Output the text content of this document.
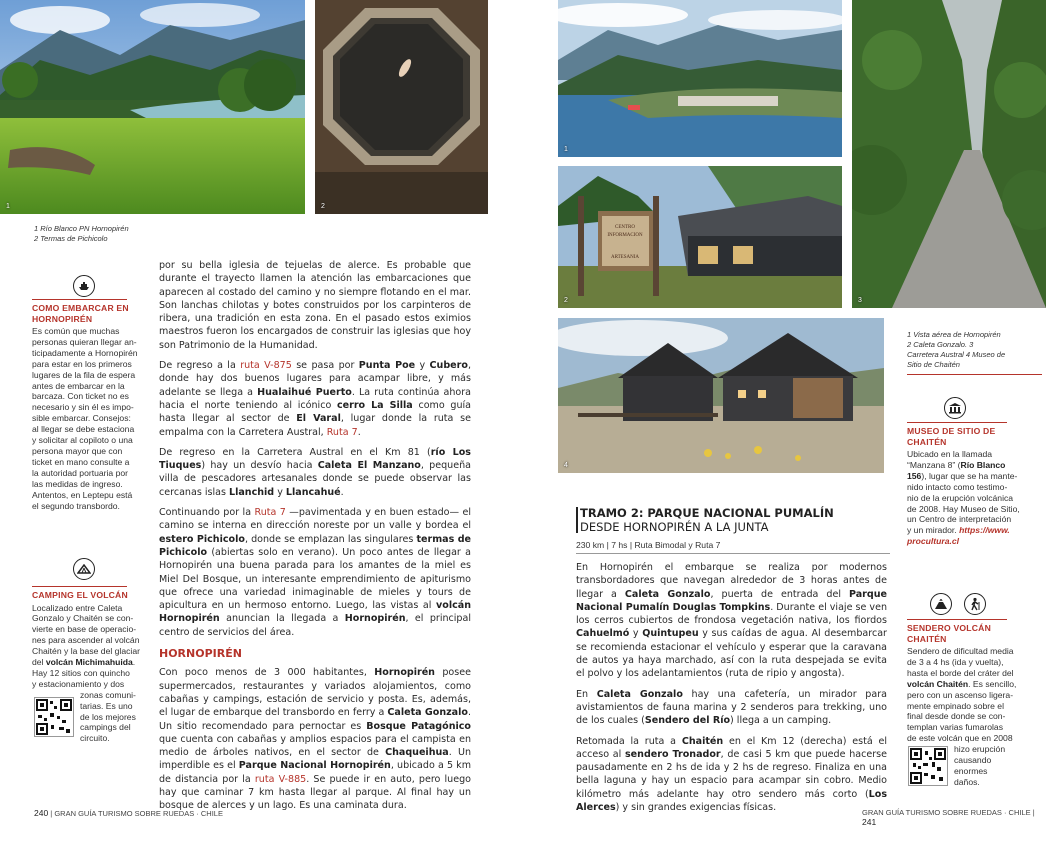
1	2
1 Río Blanco PN Hornopirén
2 Termas de Pichicolo
COMO EMBARCAR EN
HORNOPIRÉN
Es común que muchas
personas quieran llegar an-
ticipadamente a Hornopirén
para estar en los primeros
lugares de la fila de espera
antes de embarcar en la
barcaza. Con ticket no es
necesario y sin él es impo-
sible embarcar. Consejos:
al llegar se debe estaciona
y solicitar al copiloto o una
persona mayor que con
ticket en mano consulte a
la autoridad portuaria por
las medidas de ingreso.
Antentos, en Leptepu está
el segundo transbordo.
CAMPING EL VOLCÁN
Localizado entre Caleta
Gonzalo y Chaitén se con-
vierte en base de operacio-
nes para ascender al volcán
Chaitén y la base del glaciar
del volcán Michimahuida.
Hay 12 sitios con quincho
y estacionamiento y dos
zonas comuni-
tarias. Es uno
de los mejores
campings del
circuito.

por su bella iglesia de tejuelas de alerce. Es probable que durante el trayecto llamen la atención las embarcaciones que aparecen al costado del camino y no siempre flotando en el mar. Son lanchas chilotas y botes construidos por los carpinteros de ribera, una tradición en esta zona. En el pasado estos eximios maestros fueron los encargados de construir las iglesias que hoy son Patrimonio de la Humanidad.

De regreso a la ruta V-875 se pasa por Punta Poe y Cubero, donde hay dos buenos lugares para acampar libre, y más adelante se llega a Hualaihué Puerto. La ruta continúa ahora hacia el norte teniendo al icónico cerro La Silla como guía hasta llegar al sector de El Varal, lugar donde la ruta se empalma con la Carretera Austral, Ruta 7.

De regreso en la Carretera Austral en el Km 81 (río Los Tiuques) hay un desvío hacia Caleta El Manzano, pequeña villa de pescadores artesanales donde se puede observar las cercanas islas Llanchid y Llancahué.

Continuando por la Ruta 7 —pavimentada y en buen estado— el camino se interna en dirección noreste por un valle y bordea el estero Pichicolo, donde se emplazan las singulares termas de Pichicolo (abiertas solo en verano). Un poco antes de llegar a Hornopirén una buena parada para los amantes de la miel es Miel Del Bosque, un interesante emprendimiento de apiturismo que ofrece una variedad inimaginable de mieles y tours de apicultura en un hermoso entorno. Luego, las vistas al volcán Hornopirén anuncian la llegada a Hornopirén, el principal centro de servicios del área.

HORNOPIRÉN

Con poco menos de 3 000 habitantes, Hornopirén posee supermercados, restaurantes y variados alojamientos, como cabañas y campings, estación de servicio y posta. Es, además, el lugar de embarque del transbordo en ferry a Caleta Gonzalo. Un sitio recomendado para pernoctar es Bosque Patagónico que cuenta con cabañas y amplios espacios para el campista en medio de árboles nativos, en el sector de Chaqueihua. Un imperdible es el Parque Nacional Hornopirén, ubicado a 5 km de distancia por la ruta V-885. Se puede ir en auto, pero luego hay que caminar 7 km hasta llegar al parque. Al final hay un bosque de alerces y un lago. Es una caminata dura.

240 | GRAN GUÍA TURISMO SOBRE RUEDAS · CHILE
1
CENTRO
INFORMACION
ARTESANIA
2	3
4
1 Vista aérea de Hornopirén
2 Caleta Gonzalo. 3
Carretera Austral 4 Museo de
Sitio de Chaitén
MUSEO DE SITIO DE
CHAITÉN
Ubicado en la llamada
“Manzana 8” (Río Blanco
156), lugar que se ha mante-
nido intacto como testimo-
nio de la erupción volcánica
de 2008. Hay Museo de Sitio,
un Centro de interpretación
y un mirador. https://www.
procultura.cl
SENDERO VOLCÁN
CHAITÉN
Sendero de dificultad media
de 3 a 4 hs (ida y vuelta),
hasta el borde del cráter del
volcán Chaitén. Es sencillo,
pero con un ascenso ligera-
mente empinado sobre el
final desde donde se con-
templan varias fumarolas
de este volcán que en 2008
hizo erupción
causando
enormes
daños.
TRAMO 2: PARQUE NACIONAL PUMALÍN
DESDE HORNOPIRÉN A LA JUNTA
230 km | 7 hs | Ruta Bimodal y Ruta 7

En Hornopirén el embarque se realiza por modernos transbordadores que navegan alrededor de 3 horas antes de llegar a Caleta Gonzalo, puerta de entrada del Parque Nacional Pumalín Douglas Tompkins. Durante el viaje se ven los cerros cubiertos de frondosa vegetación nativa, los fiordos Cahuelmó y Quintupeu y sus caídas de agua. Al desembarcar se recomienda estacionar el vehículo y esperar que la caravana de autos ya haya marchado, así con la ruta despejada se evita el polvo y los adelantamientos (ruta de ripio y angosta).

En Caleta Gonzalo hay una cafetería, un mirador para avistamientos de fauna marina y 2 senderos para trekking, uno de los cuales (Sendero del Río) llega a un camping.

Retomada la ruta a Chaitén en el Km 12 (derecha) está el acceso al sendero Tronador, de casi 5 km que puede hacerse pausadamente en 2 hs de ida y 2 hs de regreso. Finaliza en una bella laguna y hay un espacio para acampar sin cobro. Medio kilómetro más adelante hay otro sendero más corto (Los Alerces) y sin grandes exigencias físicas.	GRAN GUÍA TURISMO SOBRE RUEDAS · CHILE | 241
